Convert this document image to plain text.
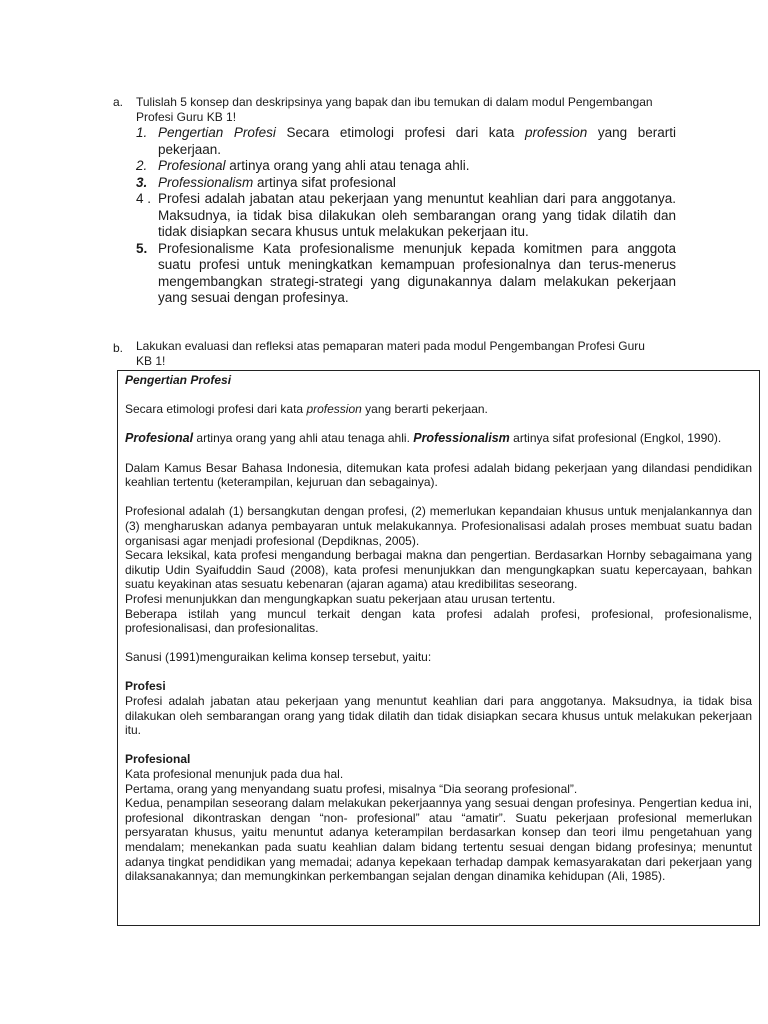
a. Tulislah 5 konsep dan deskripsinya yang bapak dan ibu temukan di dalam modul Pengembangan
Profesi Guru KB 1!
1. Pengertian Profesi Secara etimologi profesi dari kata profession yang berarti pekerjaan.
2. Profesional artinya orang yang ahli atau tenaga ahli.
3. Professionalism artinya sifat profesional
4 . Profesi adalah jabatan atau pekerjaan yang menuntut keahlian dari para anggotanya. Maksudnya, ia tidak bisa dilakukan oleh sembarangan orang yang tidak dilatih dan tidak disiapkan secara khusus untuk melakukan pekerjaan itu.
5. Profesionalisme Kata profesionalisme menunjuk kepada komitmen para anggota suatu profesi untuk meningkatkan kemampuan profesionalnya dan terus-menerus mengembangkan strategi-strategi yang digunakannya dalam melakukan pekerjaan yang sesuai dengan profesinya.
b. Lakukan evaluasi dan refleksi atas pemaparan materi pada modul Pengembangan Profesi Guru
KB 1!

Pengertian Profesi

Secara etimologi profesi dari kata profession yang berarti pekerjaan.

Profesional artinya orang yang ahli atau tenaga ahli. Professionalism artinya sifat profesional (Engkol, 1990).

Dalam Kamus Besar Bahasa Indonesia, ditemukan kata profesi adalah bidang pekerjaan yang dilandasi pendidikan keahlian tertentu (keterampilan, kejuruan dan sebagainya).

Profesional adalah (1) bersangkutan dengan profesi, (2) memerlukan kepandaian khusus untuk menjalankannya dan (3) mengharuskan adanya pembayaran untuk melakukannya. Profesionalisasi adalah proses membuat suatu badan organisasi agar menjadi profesional (Depdiknas, 2005).

Secara leksikal, kata profesi mengandung berbagai makna dan pengertian. Berdasarkan Hornby sebagaimana yang dikutip Udin Syaifuddin Saud (2008), kata profesi menunjukkan dan mengungkapkan suatu kepercayaan, bahkan suatu keyakinan atas sesuatu kebenaran (ajaran agama) atau kredibilitas seseorang.

Profesi menunjukkan dan mengungkapkan suatu pekerjaan atau urusan tertentu.

Beberapa istilah yang muncul terkait dengan kata profesi adalah profesi, profesional, profesionalisme, profesionalisasi, dan profesionalitas.

Sanusi (1991)menguraikan kelima konsep tersebut, yaitu:

Profesi

Profesi adalah jabatan atau pekerjaan yang menuntut keahlian dari para anggotanya. Maksudnya, ia tidak bisa dilakukan oleh sembarangan orang yang tidak dilatih dan tidak disiapkan secara khusus untuk melakukan pekerjaan itu.

Profesional

Kata profesional menunjuk pada dua hal.

Pertama, orang yang menyandang suatu profesi, misalnya “Dia seorang profesional”.

Kedua, penampilan seseorang dalam melakukan pekerjaannya yang sesuai dengan profesinya. Pengertian kedua ini, profesional dikontraskan dengan “non- profesional” atau “amatir”. Suatu pekerjaan profesional memerlukan persyaratan khusus, yaitu menuntut adanya keterampilan berdasarkan konsep dan teori ilmu pengetahuan yang mendalam; menekankan pada suatu keahlian dalam bidang tertentu sesuai dengan bidang profesinya; menuntut adanya tingkat pendidikan yang memadai; adanya kepekaan terhadap dampak kemasyarakatan dari pekerjaan yang dilaksanakannya; dan memungkinkan perkembangan sejalan dengan dinamika kehidupan (Ali, 1985).
